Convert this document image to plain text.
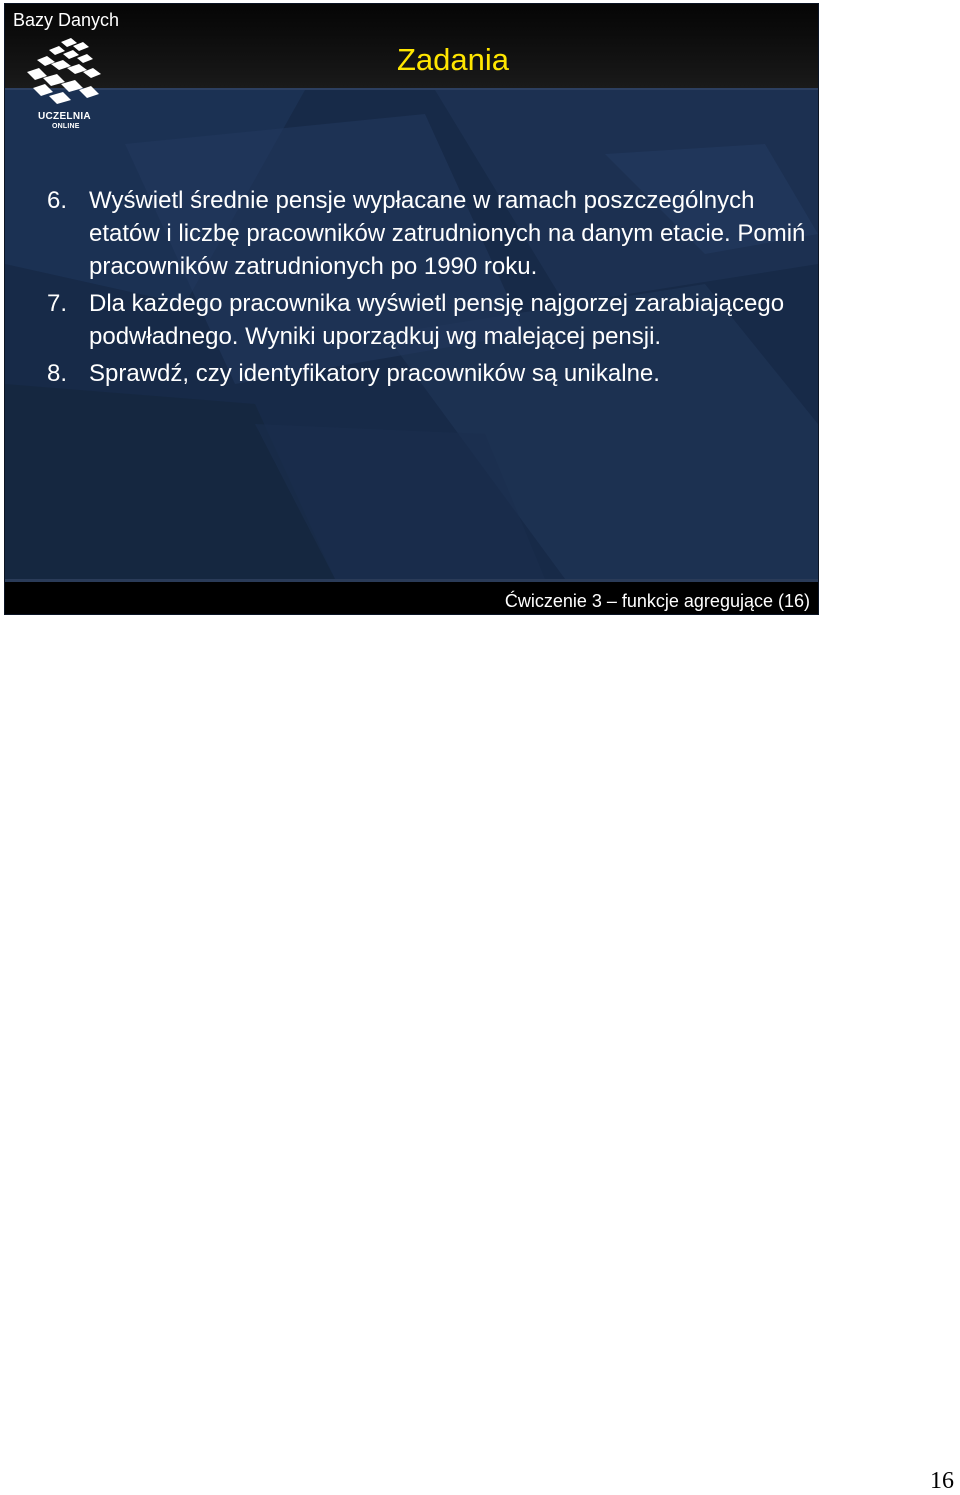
Bazy Danych
Zadania
UCZELNIA
ONLINE
6. Wyświetl średnie pensje wypłacane w ramach poszczególnych etatów i liczbę pracowników zatrudnionych na danym etacie. Pomiń pracowników zatrudnionych po 1990 roku.
7. Dla każdego pracownika wyświetl pensję najgorzej zarabiającego podwładnego. Wyniki uporządkuj wg malejącej pensji.
8. Sprawdź, czy identyfikatory pracowników są unikalne.
Ćwiczenie 3 – funkcje agregujące (16)
16
